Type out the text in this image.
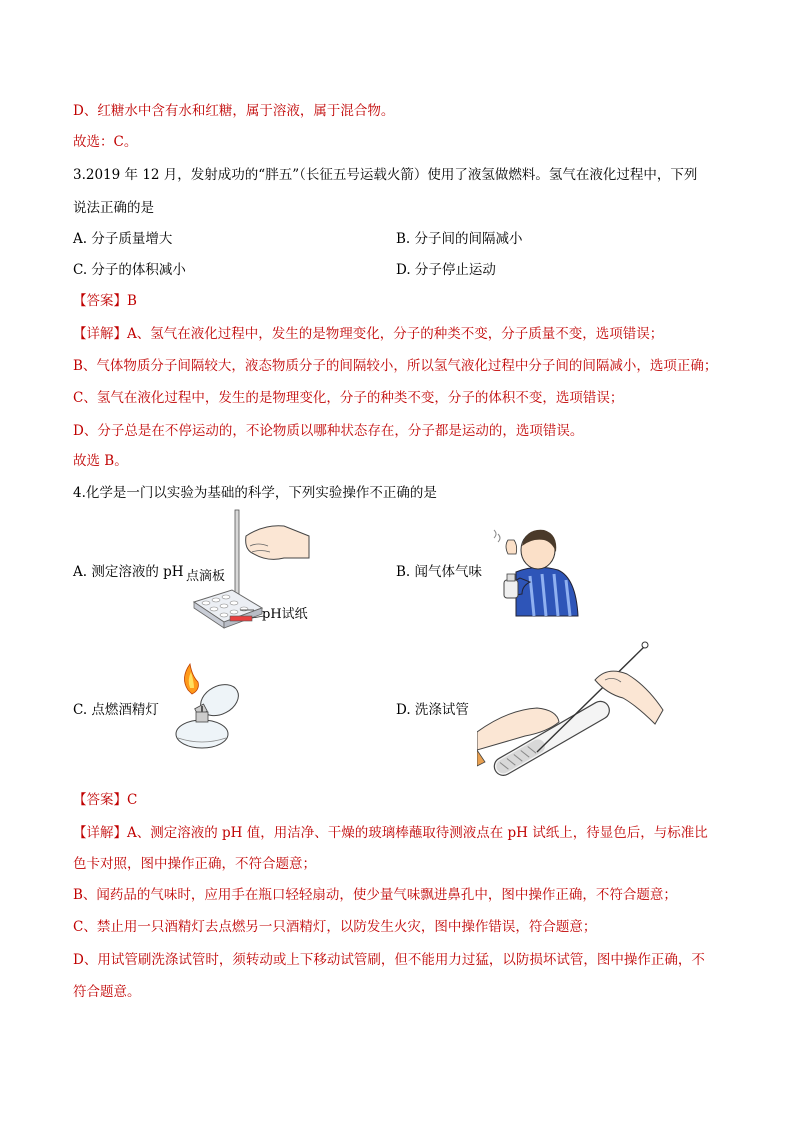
D、红糖水中含有水和红糖，属于溶液，属于混合物。
故选：C。
3.2019 年 12 月，发射成功的“胖五”（长征五号运载火箭）使用了液氢做燃料。氢气在液化过程中，下列
说法正确的是
A. 分子质量增大	B. 分子间的间隔减小
C. 分子的体积减小	D. 分子停止运动
【答案】B
【详解】A、氢气在液化过程中，发生的是物理变化，分子的种类不变，分子质量不变，选项错误；
B、气体物质分子间隔较大，液态物质分子的间隔较小，所以氢气液化过程中分子间的间隔减小，选项正确；
C、氢气在液化过程中，发生的是物理变化，分子的种类不变，分子的体积不变，选项错误；
D、分子总是在不停运动的，不论物质以哪种状态存在，分子都是运动的，选项错误。
故选 B。
4.化学是一门以实验为基础的科学，下列实验操作不正确的是
A. 测定溶液的 pH 点滴板
pH试纸
B. 闻气体气味
C. 点燃酒精灯	D. 洗涤试管
【答案】C
【详解】A、测定溶液的 pH 值，用洁净、干燥的玻璃棒蘸取待测液点在 pH 试纸上，待显色后，与标准比
色卡对照，图中操作正确，不符合题意；
B、闻药品的气味时，应用手在瓶口轻轻扇动，使少量气味飘进鼻孔中，图中操作正确，不符合题意；
C、禁止用一只酒精灯去点燃另一只酒精灯，以防发生火灾，图中操作错误，符合题意；
D、用试管刷洗涤试管时，须转动或上下移动试管刷，但不能用力过猛，以防损坏试管，图中操作正确，不
符合题意。
